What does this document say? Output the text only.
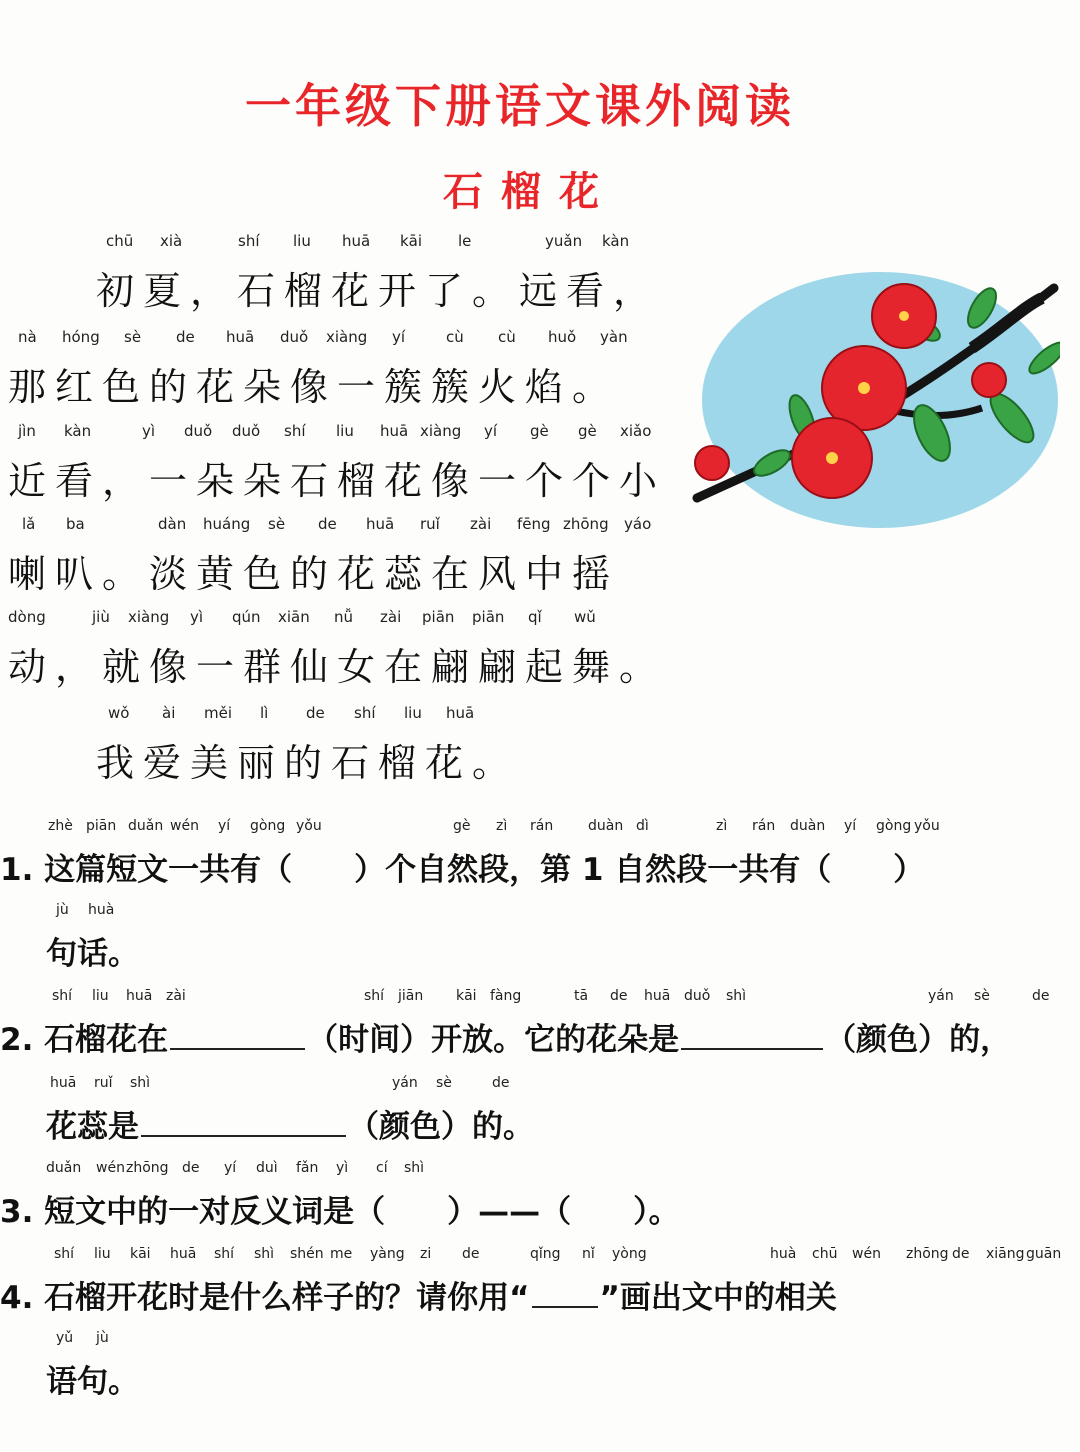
一年级下册语文课外阅读
石榴花
chū xià	shí liu huā kāi le	yuǎn kàn
初夏，石榴花开了。远看，
nà hóng sè de huā duǒ xiàng yí	cù cù huǒ yàn
那红色的花朵像一簇簇火焰。
jìn kàn	yì duǒ duǒ shí liu huā xiàng yí gè gè xiǎo
近看，一朵朵石榴花像一个个小
lǎ ba	dàn huáng sè de huā ruǐ zài fēng zhōng yáo
喇叭。淡黄色的花蕊在风中摇
dòng	jiù xiàng yì qún xiān nǚ zài piān piān qǐ wǔ
动，就像一群仙女在翩翩起舞。
wǒ ài měi lì	de shí liu huā
我爱美丽的石榴花。
zhè piān duǎn wén yí gòng yǒu	gè zì rán duàn dì	zì rán duàn yí gòng yǒu
1. 这篇短文一共有（　　）个自然段，第 1 自然段一共有（　　）
jù huà
句话。
shí liu huā zài	shí jiān kāi fàng	tā de huā duǒ shì	yán sè	de
2. 石榴花在	（时间）开放。它的花朵是	（颜色）的，
huā ruǐ shì	yán sè	de
花蕊是	（颜色）的。
duǎn wén zhōng de yí duì fǎn yì cí shì
3. 短文中的一对反义词是（　　）——（　　）。
shí liu kāi huā shí shì shén me yàng zi de	qǐng nǐ yòng	huà chū wén zhōng de xiāng guān
4. 石榴开花时是什么样子的？请你用“ ”画出文中的相关
yǔ jù
语句。
